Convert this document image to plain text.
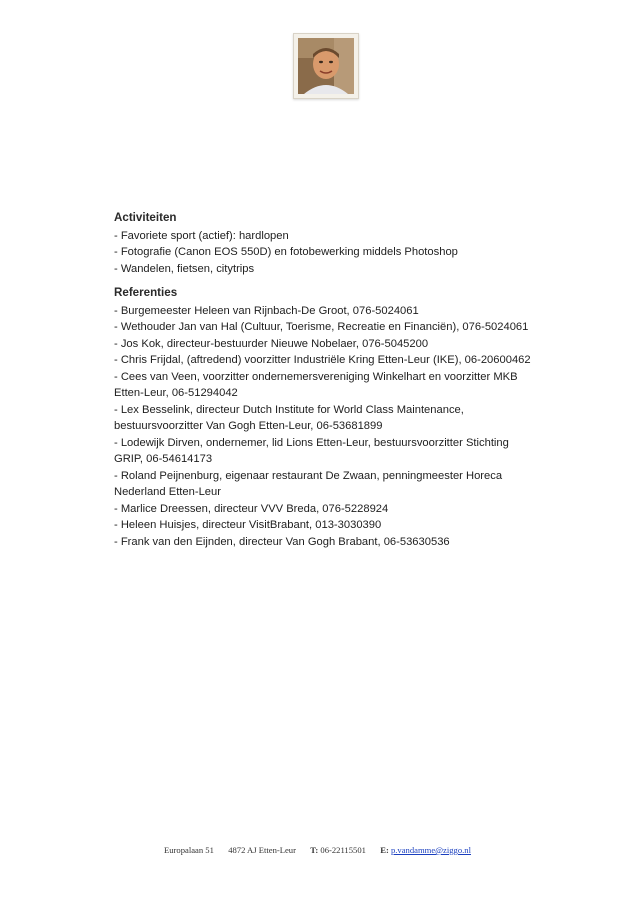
Activiteiten

- Favoriete sport (actief): hardlopen

- Fotografie (Canon EOS 550D) en fotobewerking middels Photoshop

- Wandelen, fietsen, citytrips

Referenties

- Burgemeester Heleen van Rijnbach-De Groot, 076-5024061

- Wethouder Jan van Hal (Cultuur, Toerisme, Recreatie en Financiën), 076-5024061

- Jos Kok, directeur-bestuurder Nieuwe Nobelaer, 076-5045200

- Chris Frijdal, (aftredend) voorzitter Industriële Kring Etten-Leur (IKE), 06-20600462

- Cees van Veen, voorzitter ondernemersvereniging Winkelhart en voorzitter MKB

Etten-Leur, 06-51294042

- Lex Besselink, directeur Dutch Institute for World Class Maintenance,

bestuursvoorzitter Van Gogh Etten-Leur, 06-53681899

- Lodewijk Dirven, ondernemer, lid Lions Etten-Leur, bestuursvoorzitter Stichting

GRIP, 06-54614173

- Roland Peijnenburg, eigenaar restaurant De Zwaan, penningmeester Horeca

Nederland Etten-Leur

- Marlice Dreessen, directeur VVV Breda, 076-5228924

- Heleen Huisjes, directeur VisitBrabant, 013-3030390

- Frank van den Eijnden, directeur Van Gogh Brabant, 06-53630536

Europalaan 51 4872 AJ Etten-Leur T: 06-22115501 E: p.vandamme@ziggo.nl
